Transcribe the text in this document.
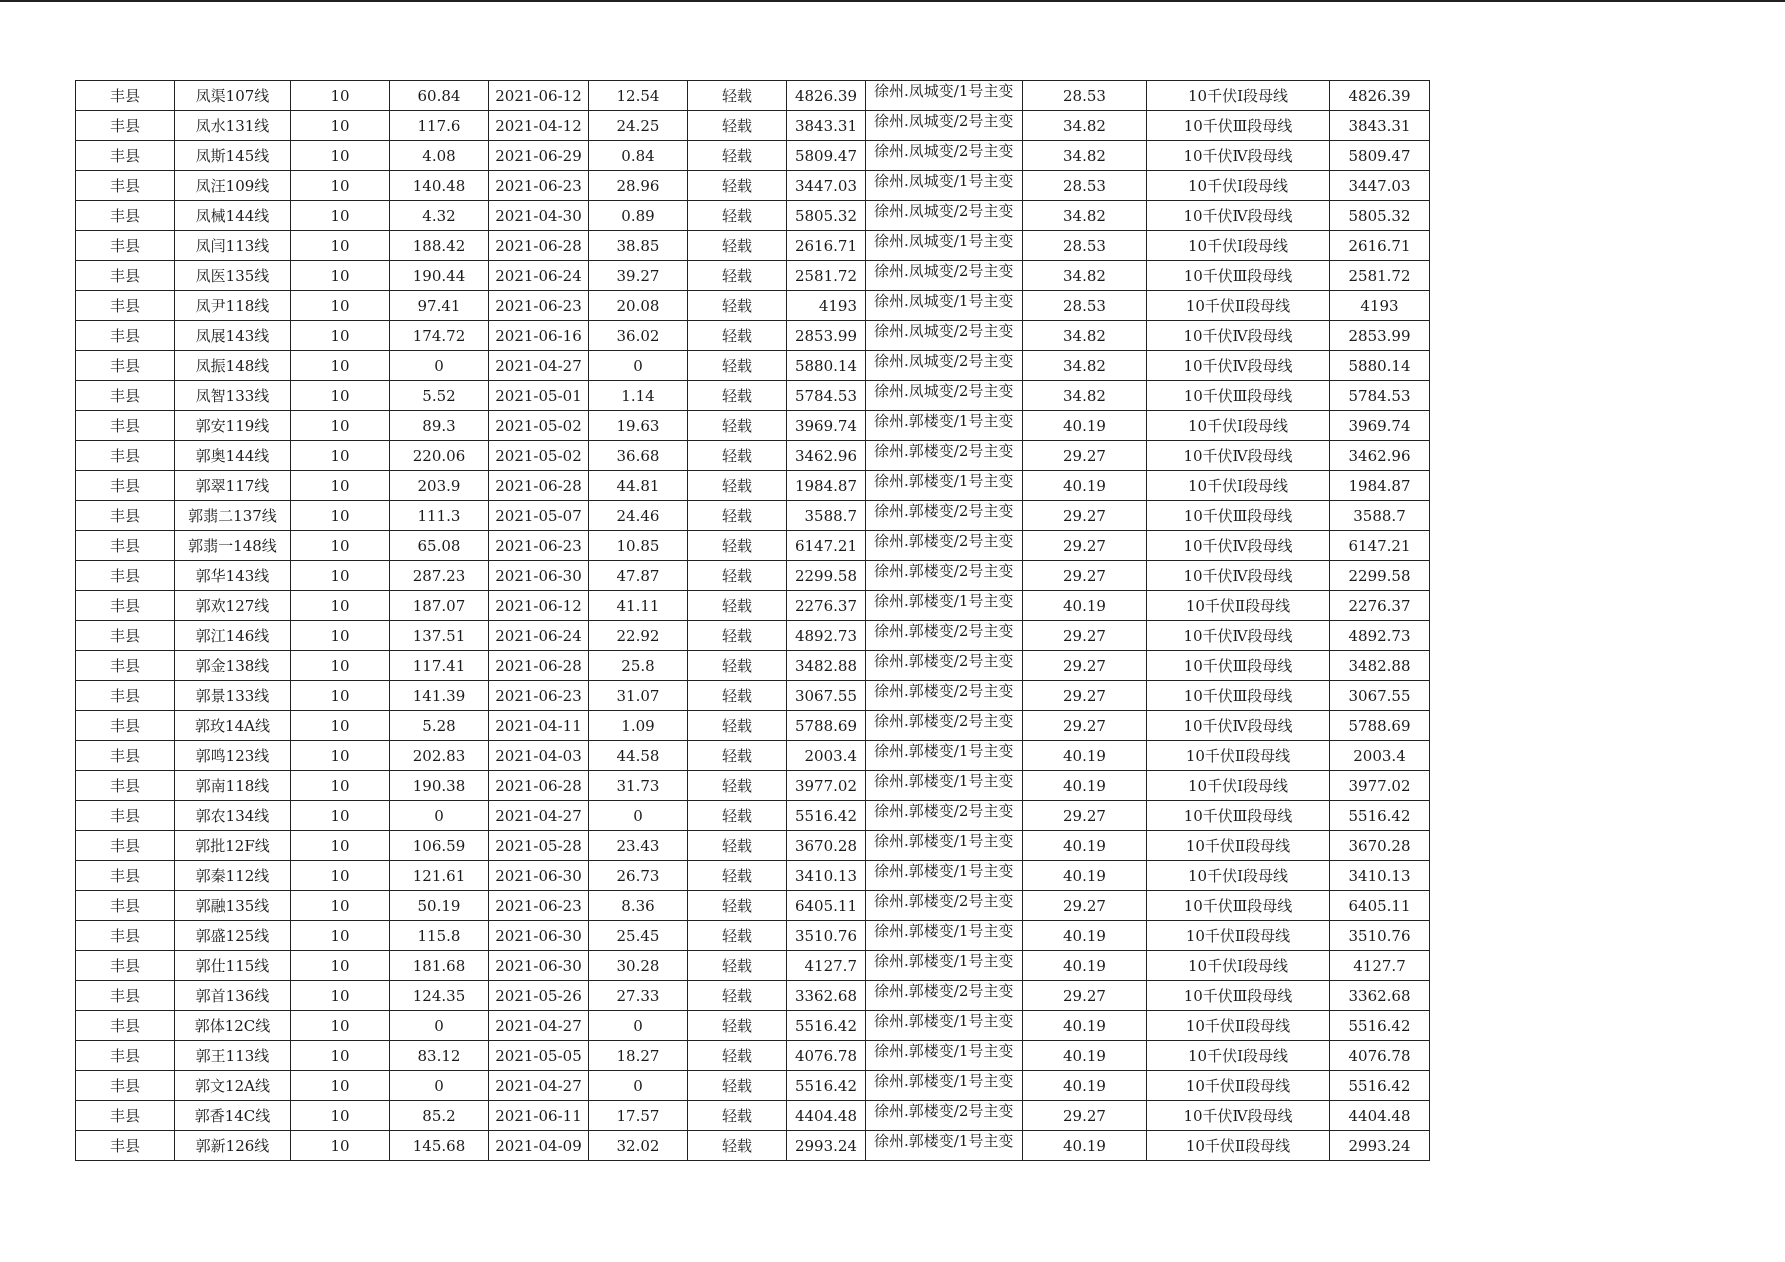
丰县	凤渠107线	10	60.84	2021-06-12	12.54	轻载	4826.39	徐州.凤城变/1号主变	28.53	10千伏Ⅰ段母线	4826.39
丰县	凤水131线	10	117.6	2021-04-12	24.25	轻载	3843.31	徐州.凤城变/2号主变	34.82	10千伏Ⅲ段母线	3843.31
丰县	凤斯145线	10	4.08	2021-06-29	0.84	轻载	5809.47	徐州.凤城变/2号主变	34.82	10千伏Ⅳ段母线	5809.47
丰县	凤汪109线	10	140.48	2021-06-23	28.96	轻载	3447.03	徐州.凤城变/1号主变	28.53	10千伏Ⅰ段母线	3447.03
丰县	凤械144线	10	4.32	2021-04-30	0.89	轻载	5805.32	徐州.凤城变/2号主变	34.82	10千伏Ⅳ段母线	5805.32
丰县	凤闫113线	10	188.42	2021-06-28	38.85	轻载	2616.71	徐州.凤城变/1号主变	28.53	10千伏Ⅰ段母线	2616.71
丰县	凤医135线	10	190.44	2021-06-24	39.27	轻载	2581.72	徐州.凤城变/2号主变	34.82	10千伏Ⅲ段母线	2581.72
丰县	凤尹118线	10	97.41	2021-06-23	20.08	轻载	4193	徐州.凤城变/1号主变	28.53	10千伏Ⅱ段母线	4193
丰县	凤展143线	10	174.72	2021-06-16	36.02	轻载	2853.99	徐州.凤城变/2号主变	34.82	10千伏Ⅳ段母线	2853.99
丰县	凤振148线	10	0	2021-04-27	0	轻载	5880.14	徐州.凤城变/2号主变	34.82	10千伏Ⅳ段母线	5880.14
丰县	凤智133线	10	5.52	2021-05-01	1.14	轻载	5784.53	徐州.凤城变/2号主变	34.82	10千伏Ⅲ段母线	5784.53
丰县	郭安119线	10	89.3	2021-05-02	19.63	轻载	3969.74	徐州.郭楼变/1号主变	40.19	10千伏Ⅰ段母线	3969.74
丰县	郭奥144线	10	220.06	2021-05-02	36.68	轻载	3462.96	徐州.郭楼变/2号主变	29.27	10千伏Ⅳ段母线	3462.96
丰县	郭翠117线	10	203.9	2021-06-28	44.81	轻载	1984.87	徐州.郭楼变/1号主变	40.19	10千伏Ⅰ段母线	1984.87
丰县	郭翡二137线	10	111.3	2021-05-07	24.46	轻载	3588.7	徐州.郭楼变/2号主变	29.27	10千伏Ⅲ段母线	3588.7
丰县	郭翡一148线	10	65.08	2021-06-23	10.85	轻载	6147.21	徐州.郭楼变/2号主变	29.27	10千伏Ⅳ段母线	6147.21
丰县	郭华143线	10	287.23	2021-06-30	47.87	轻载	2299.58	徐州.郭楼变/2号主变	29.27	10千伏Ⅳ段母线	2299.58
丰县	郭欢127线	10	187.07	2021-06-12	41.11	轻载	2276.37	徐州.郭楼变/1号主变	40.19	10千伏Ⅱ段母线	2276.37
丰县	郭江146线	10	137.51	2021-06-24	22.92	轻载	4892.73	徐州.郭楼变/2号主变	29.27	10千伏Ⅳ段母线	4892.73
丰县	郭金138线	10	117.41	2021-06-28	25.8	轻载	3482.88	徐州.郭楼变/2号主变	29.27	10千伏Ⅲ段母线	3482.88
丰县	郭景133线	10	141.39	2021-06-23	31.07	轻载	3067.55	徐州.郭楼变/2号主变	29.27	10千伏Ⅲ段母线	3067.55
丰县	郭玫14A线	10	5.28	2021-04-11	1.09	轻载	5788.69	徐州.郭楼变/2号主变	29.27	10千伏Ⅳ段母线	5788.69
丰县	郭鸣123线	10	202.83	2021-04-03	44.58	轻载	2003.4	徐州.郭楼变/1号主变	40.19	10千伏Ⅱ段母线	2003.4
丰县	郭南118线	10	190.38	2021-06-28	31.73	轻载	3977.02	徐州.郭楼变/1号主变	40.19	10千伏Ⅰ段母线	3977.02
丰县	郭农134线	10	0	2021-04-27	0	轻载	5516.42	徐州.郭楼变/2号主变	29.27	10千伏Ⅲ段母线	5516.42
丰县	郭批12F线	10	106.59	2021-05-28	23.43	轻载	3670.28	徐州.郭楼变/1号主变	40.19	10千伏Ⅱ段母线	3670.28
丰县	郭秦112线	10	121.61	2021-06-30	26.73	轻载	3410.13	徐州.郭楼变/1号主变	40.19	10千伏Ⅰ段母线	3410.13
丰县	郭融135线	10	50.19	2021-06-23	8.36	轻载	6405.11	徐州.郭楼变/2号主变	29.27	10千伏Ⅲ段母线	6405.11
丰县	郭盛125线	10	115.8	2021-06-30	25.45	轻载	3510.76	徐州.郭楼变/1号主变	40.19	10千伏Ⅱ段母线	3510.76
丰县	郭仕115线	10	181.68	2021-06-30	30.28	轻载	4127.7	徐州.郭楼变/1号主变	40.19	10千伏Ⅰ段母线	4127.7
丰县	郭首136线	10	124.35	2021-05-26	27.33	轻载	3362.68	徐州.郭楼变/2号主变	29.27	10千伏Ⅲ段母线	3362.68
丰县	郭体12C线	10	0	2021-04-27	0	轻载	5516.42	徐州.郭楼变/1号主变	40.19	10千伏Ⅱ段母线	5516.42
丰县	郭王113线	10	83.12	2021-05-05	18.27	轻载	4076.78	徐州.郭楼变/1号主变	40.19	10千伏Ⅰ段母线	4076.78
丰县	郭文12A线	10	0	2021-04-27	0	轻载	5516.42	徐州.郭楼变/1号主变	40.19	10千伏Ⅱ段母线	5516.42
丰县	郭香14C线	10	85.2	2021-06-11	17.57	轻载	4404.48	徐州.郭楼变/2号主变	29.27	10千伏Ⅳ段母线	4404.48
丰县	郭新126线	10	145.68	2021-04-09	32.02	轻载	2993.24	徐州.郭楼变/1号主变	40.19	10千伏Ⅱ段母线	2993.24
